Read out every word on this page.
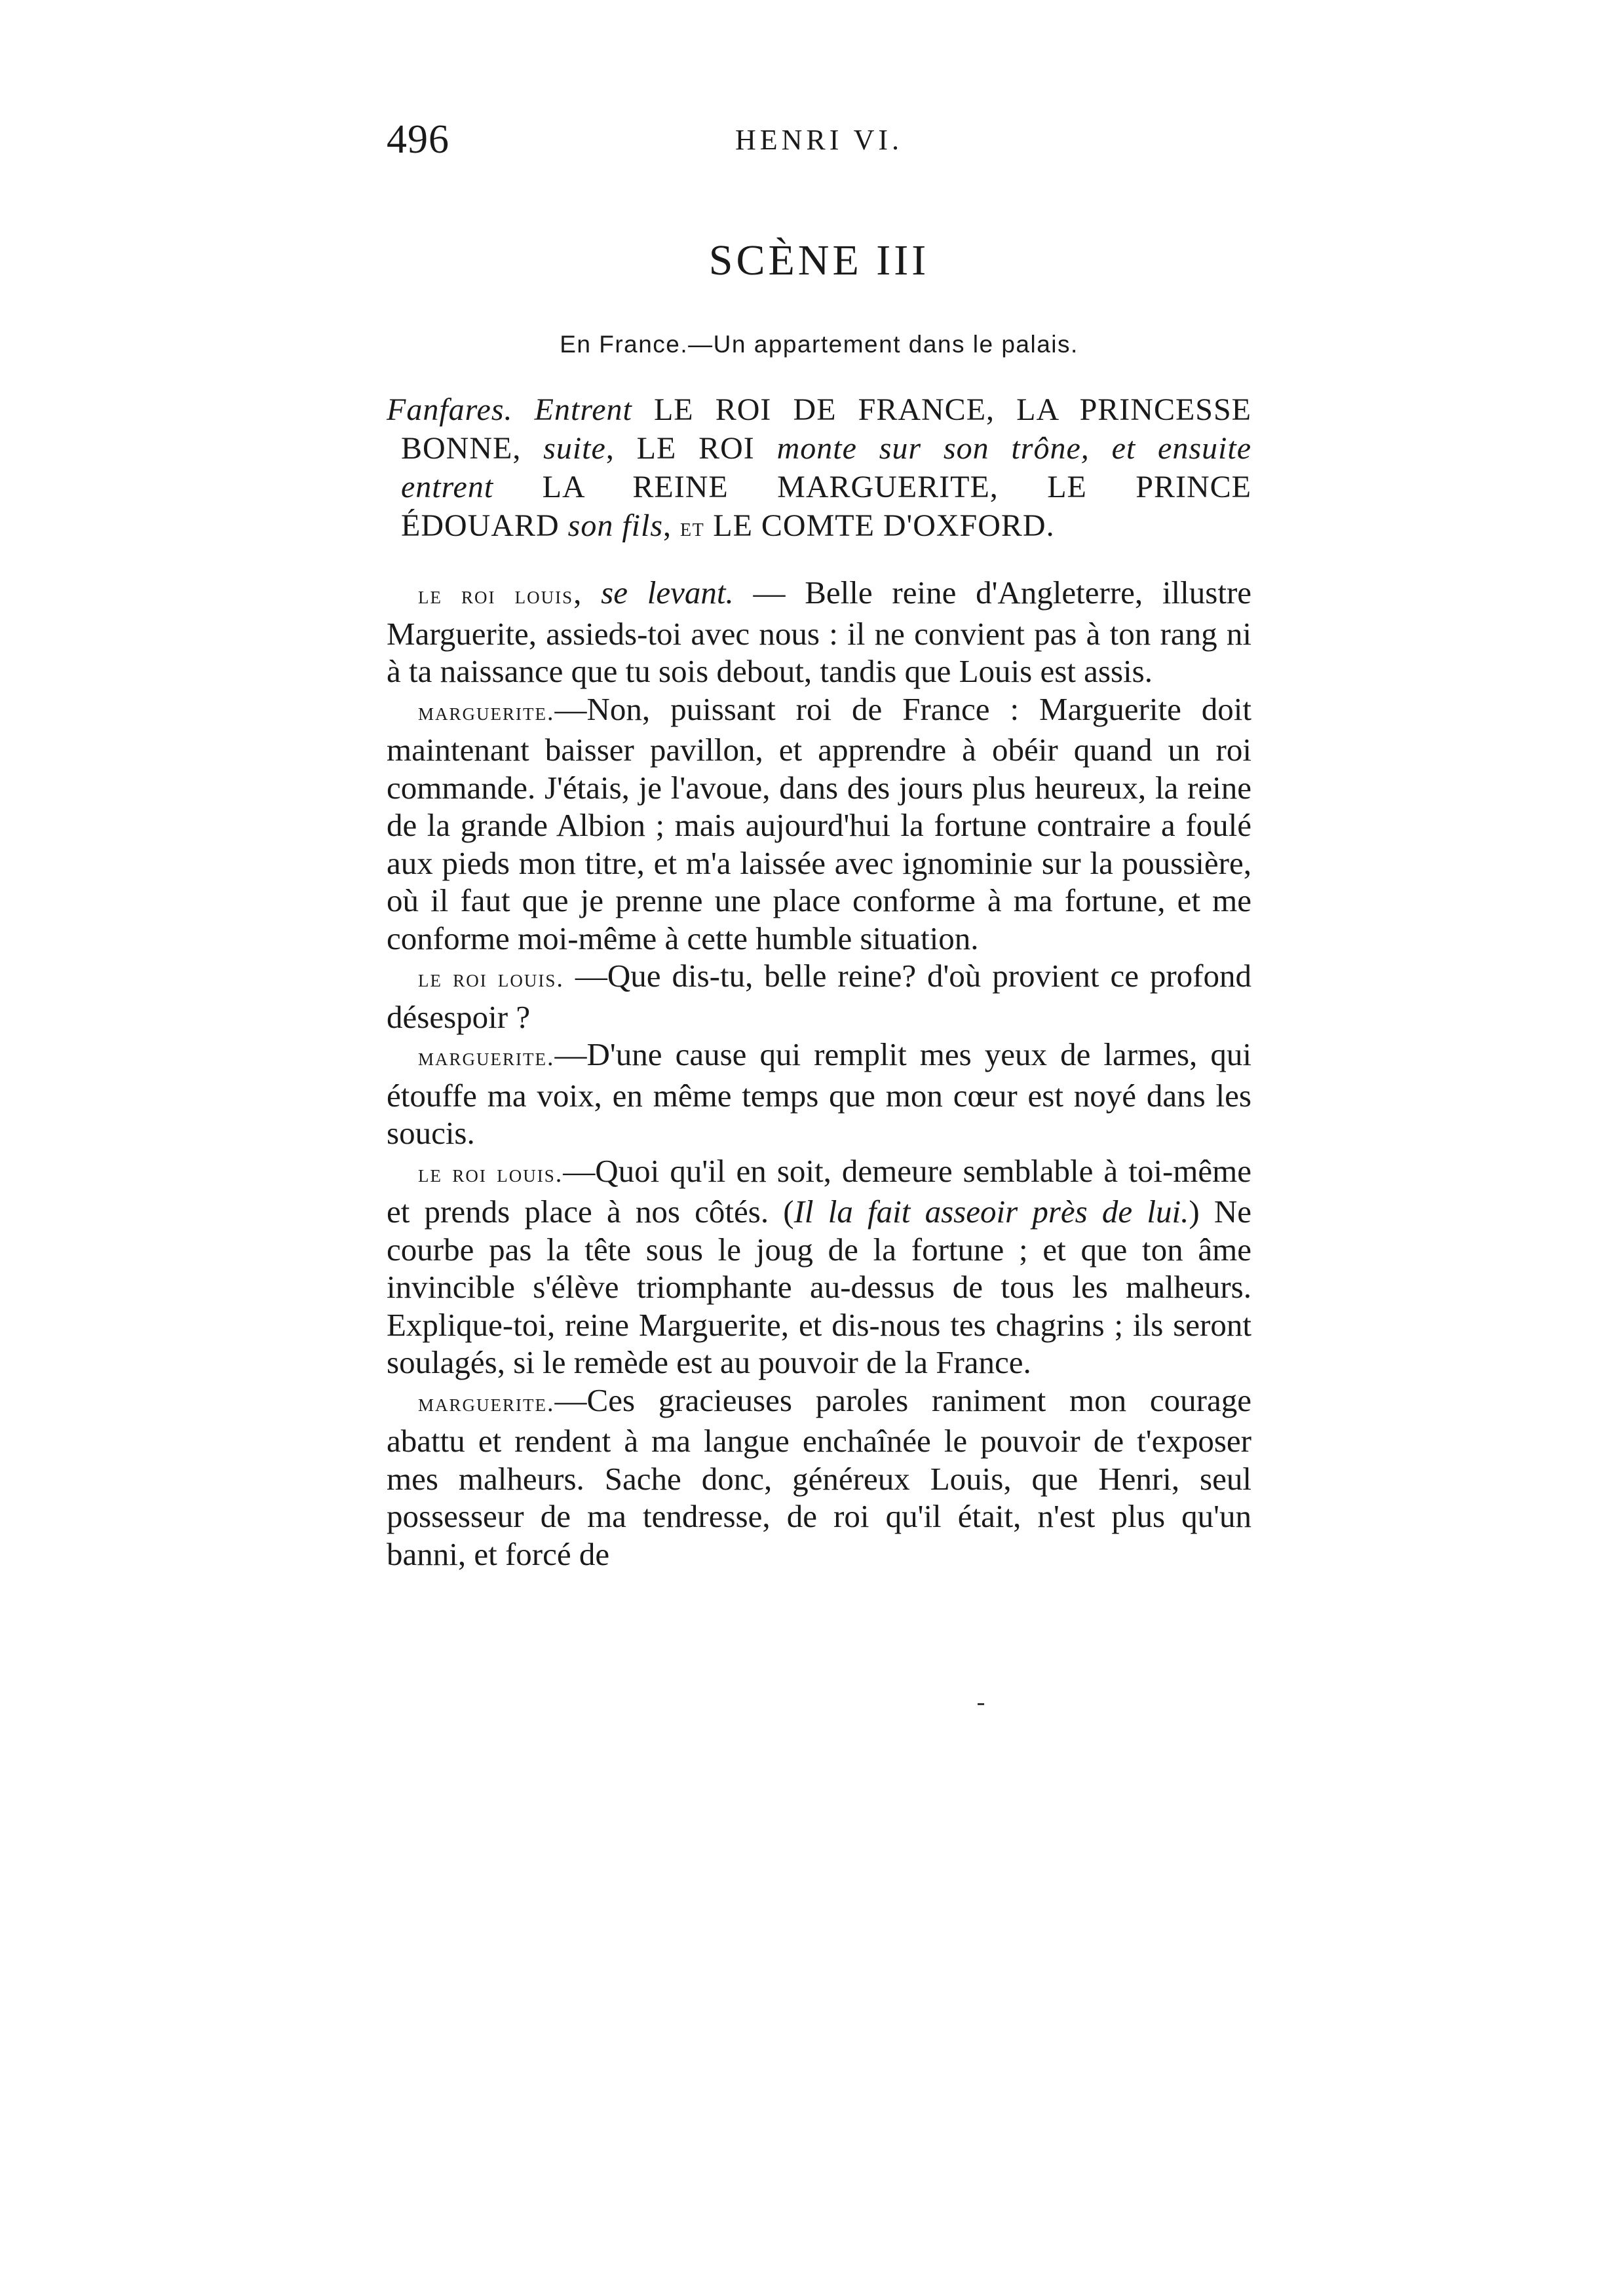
496	HENRI VI.
SCÈNE III
En France.—Un appartement dans le palais.
Fanfares. Entrent LE ROI DE FRANCE, LA PRINCESSE
BONNE, suite, LE ROI monte sur son trône, et ensuite
entrent LA REINE MARGUERITE, LE PRINCE
ÉDOUARD son fils, et LE COMTE D'OXFORD.

le roi louis, se levant. — Belle reine d'Angleterre, illustre Marguerite, assieds-toi avec nous : il ne convient pas à ton rang ni à ta naissance que tu sois debout, tandis que Louis est assis.

marguerite.—Non, puissant roi de France : Marguerite doit maintenant baisser pavillon, et apprendre à obéir quand un roi commande. J'étais, je l'avoue, dans des jours plus heureux, la reine de la grande Albion ; mais aujourd'hui la fortune contraire a foulé aux pieds mon titre, et m'a laissée avec ignominie sur la poussière, où il faut que je prenne une place conforme à ma fortune, et me conforme moi-même à cette humble situation.

le roi louis. —Que dis-tu, belle reine? d'où provient ce profond désespoir ?

marguerite.—D'une cause qui remplit mes yeux de larmes, qui étouffe ma voix, en même temps que mon cœur est noyé dans les soucis.

le roi louis.—Quoi qu'il en soit, demeure semblable à toi-même et prends place à nos côtés. (Il la fait asseoir près de lui.) Ne courbe pas la tête sous le joug de la fortune ; et que ton âme invincible s'élève triomphante au-dessus de tous les malheurs. Explique-toi, reine Marguerite, et dis-nous tes chagrins ; ils seront soulagés, si le remède est au pouvoir de la France.

marguerite.—Ces gracieuses paroles raniment mon courage abattu et rendent à ma langue enchaînée le pouvoir de t'exposer mes malheurs. Sache donc, généreux Louis, que Henri, seul possesseur de ma tendresse, de roi qu'il était, n'est plus qu'un banni, et forcé de
